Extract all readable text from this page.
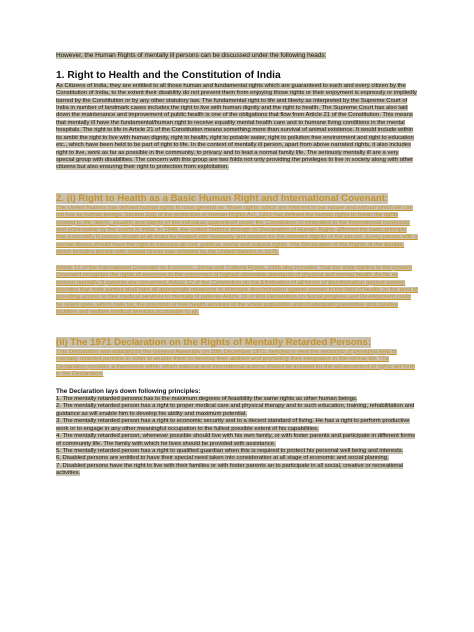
However, the Human Rights of mentally ill persons can be discussed under the following heads:

1. Right to Health and the Constitution of India

As Citizens of India, they are entitled to all those human and fundamental rights which are guaranteed to each and every citizen by the Constitution of India, to the extent their disability do not prevent them from enjoying those rights or their enjoyment is expressly or impliedly barred by the Constitution or by any other statutory law. The fundamental right to life and liberty as interpreted by the Supreme Court of India in number of landmark cases includes the right to live with human dignity and the right to health. The Supreme Court has also laid down the maintenance and improvement of public health is one of the obligations that flow from Article 21 of the Constitution. This means that mentally ill have the fundamental/human right to receive equality mental health care and to humane living conditions in the mental hospitals. The right to life in Article 21 of the Constitution means something more than survival of animal existence. It would include within its ambit the right to live with human dignity, right to health, right to potable water, right to pollution free environment and right to education etc., which have been held to be part of right to life. In the context of mentally ill person, apart from above narrated rights, it also includes right to live, work as far as possible in the community, to privacy and to lead a normal family life. The seriously mentally ill are a very special group with disabilities. The concern with this group are two folds not only providing the privileges to live in society along with other citizens but also ensuring their right to protection from exploitation.

2. (i) Right to Health as a Basic Human Right and International Covenant:

The United Nations has defined human rights in most general as "those rights, which are inherent in our nature and without which we can not live as human beings. Section 2(d) of the protection of Human Rights Act, 1993 has defined the human rights to mean the rights relating to life, liberty, equality and dignity of the individual guaranteed under the Constitution or embodied in the International covenants and enforceable by the courts in India. In 1948, the United Nations through its Declaration of Human Rights affirmed the basic principle that a mentally ill person should at all times be treated with humanity and respect for the inherent dignity of the person. Every person with a mental illness should have the right to exercise all civil, political, social and cultural rights. The Declaration of the Rights of the disable, which includes person with mental illness was adopted by the United Nations in 1975.

Article 12 of the International Covenant on Economic, Social and Cultural Rights, 1966 also provides "that the state parties to the present Covenant recognize the rights of everyone to the enjoyment of highest attainable standards of physical and mental health. As far as women mentally ill patients are concerned, Article 12 of the Convention on the Elimination of all forms of discrimination against women provides that state parties shall take all appropriate measures to eliminate discrimination against women in the field of health. In the area of providing access to free medical services to mentally ill patients Article 19 of 969 Declaration on Social progress and Development could be relied upon, which calls for, the provision of free health services of the whole population and of adequate preventive and curative facilities and welfare medical services accessible to all.

(ii) The 1971 Declaration on the Rights of Mentally Retarded Persons:

This Declaration was adopted by the General Assembly on 20th December 1971, keeping in view the necessity of providing help to mentally retarded persons in order to enable them to develop their abilities and promoting their integration in the normal life. The Declaration provides a framework within which national and international actions should be initiated for the advancement of rights set forth in the Declaration.

The Declaration lays down following principles:

1. The mentally retarded persons has to the maximum degrees of feasibility the same rights as other human beings.
2. The mentally retarded person has a right to proper medical care and physical therapy and to such education, training, rehabilitation and guidance as will enable him to develop his ability and maximum potential.
3. The mentally retarded person has a right to economic security and to a decent standard of living. He has a right to perform productive work or to engage in any other meaningful occupation to the fullest possible extent of his capabilities.
4. The mentally retarded person, whenever possible should live with his own family, or with foster parents and participate in different forms of community life. The family with which he lives should be provided with assistance.
5. The mentally retarded person has a right to qualified guardian when this is required to protect his personal well being and interests.
6. Disabled persons are entitled to have their special need taken into consideration at all stage of economic and social planning.
7. Disabled persons have the right to live with their families or with foster parents an to participate in all social, creative or recreational activities.
